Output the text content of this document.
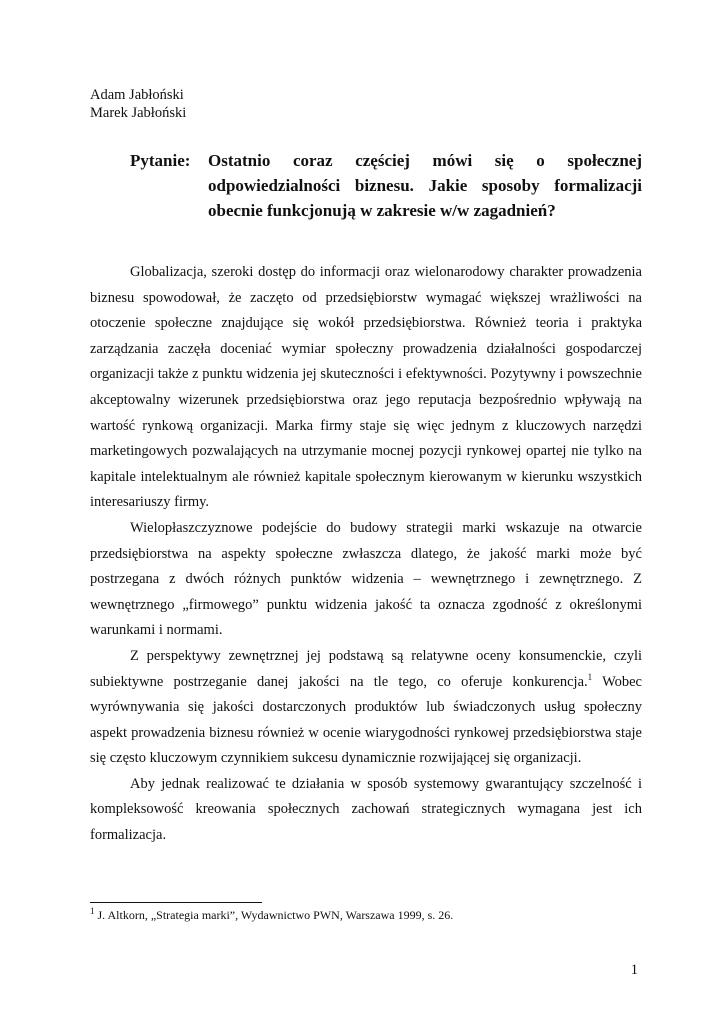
Adam Jabłoński
Marek Jabłoński
Pytanie: Ostatnio coraz częściej mówi się o społecznej odpowiedzialności biznesu. Jakie sposoby formalizacji obecnie funkcjonują w zakresie w/w zagadnień?

Globalizacja, szeroki dostęp do informacji oraz wielonarodowy charakter prowadzenia biznesu spowodował, że zaczęto od przedsiębiorstw wymagać większej wrażliwości na otoczenie społeczne znajdujące się wokół przedsiębiorstwa. Również teoria i praktyka zarządzania zaczęła doceniać wymiar społeczny prowadzenia działalności gospodarczej organizacji także z punktu widzenia jej skuteczności i efektywności. Pozytywny i powszechnie akceptowalny wizerunek przedsiębiorstwa oraz jego reputacja bezpośrednio wpływają na wartość rynkową organizacji. Marka firmy staje się więc jednym z kluczowych narzędzi marketingowych pozwalających na utrzymanie mocnej pozycji rynkowej opartej nie tylko na kapitale intelektualnym ale również kapitale społecznym kierowanym w kierunku wszystkich interesariuszy firmy.

Wielopłaszczyznowe podejście do budowy strategii marki wskazuje na otwarcie przedsiębiorstwa na aspekty społeczne zwłaszcza dlatego, że jakość marki może być postrzegana z dwóch różnych punktów widzenia – wewnętrznego i zewnętrznego. Z wewnętrznego „firmowego” punktu widzenia jakość ta oznacza zgodność z określonymi warunkami i normami.

Z perspektywy zewnętrznej jej podstawą są relatywne oceny konsumenckie, czyli subiektywne postrzeganie danej jakości na tle tego, co oferuje konkurencja.$^1$ Wobec wyrównywania się jakości dostarczonych produktów lub świadczonych usług społeczny aspekt prowadzenia biznesu również w ocenie wiarygodności rynkowej przedsiębiorstwa staje się często kluczowym czynnikiem sukcesu dynamicznie rozwijającej się organizacji.

Aby jednak realizować te działania w sposób systemowy gwarantujący szczelność i kompleksowość kreowania społecznych zachowań strategicznych wymagana jest ich formalizacja.

$^1$ J. Altkorn, „Strategia marki”, Wydawnictwo PWN, Warszawa 1999, s. 26.
1
